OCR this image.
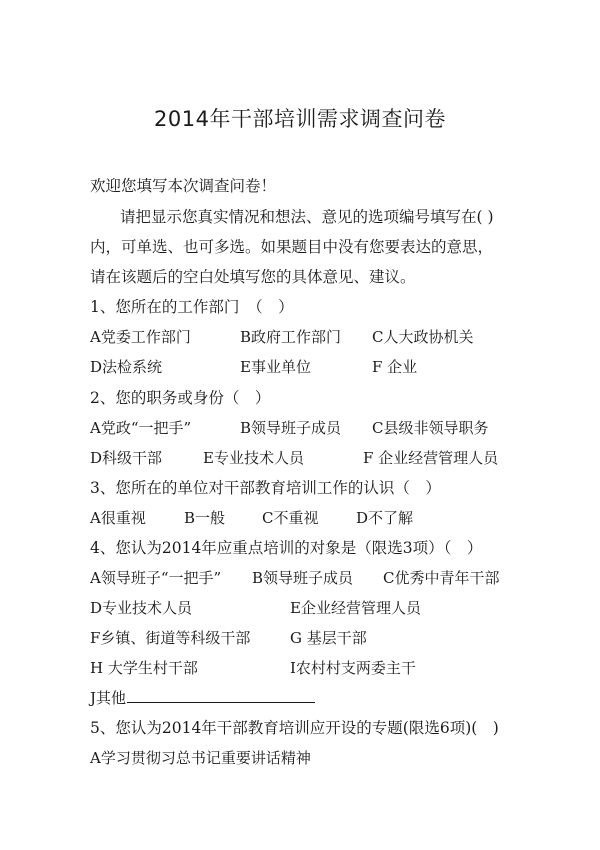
2014年干部培训需求调查问卷
欢迎您填写本次调查问卷！
请把显示您真实情况和想法、意见的选项编号填写在( )
内，可单选、也可多选。如果题目中没有您要表达的意思，
请在该题后的空白处填写您的具体意见、建议。
1、您所在的工作部门　（　）
A党委工作部门	B政府工作部门 C人大政协机关
D法检系统	E事业单位	F 企业
2、您的职务或身份（　）
A党政“一把手”	B领导班子成员 C县级非领导职务
D科级干部	E专业技术人员	F 企业经营管理人员
3、您所在的单位对干部教育培训工作的认识（　）
A很重视	B一般 C不重视	D不了解
4、您认为2014年应重点培训的对象是（限选3项）（　）
A领导班子“一把手” B领导班子成员 C优秀中青年干部
D专业技术人员	E企业经营管理人员
F乡镇、街道等科级干部	G 基层干部
H 大学生村干部	I农村村支两委主干
J其他
5、您认为2014年干部教育培训应开设的专题(限选6项)(　)
A学习贯彻习总书记重要讲话精神
